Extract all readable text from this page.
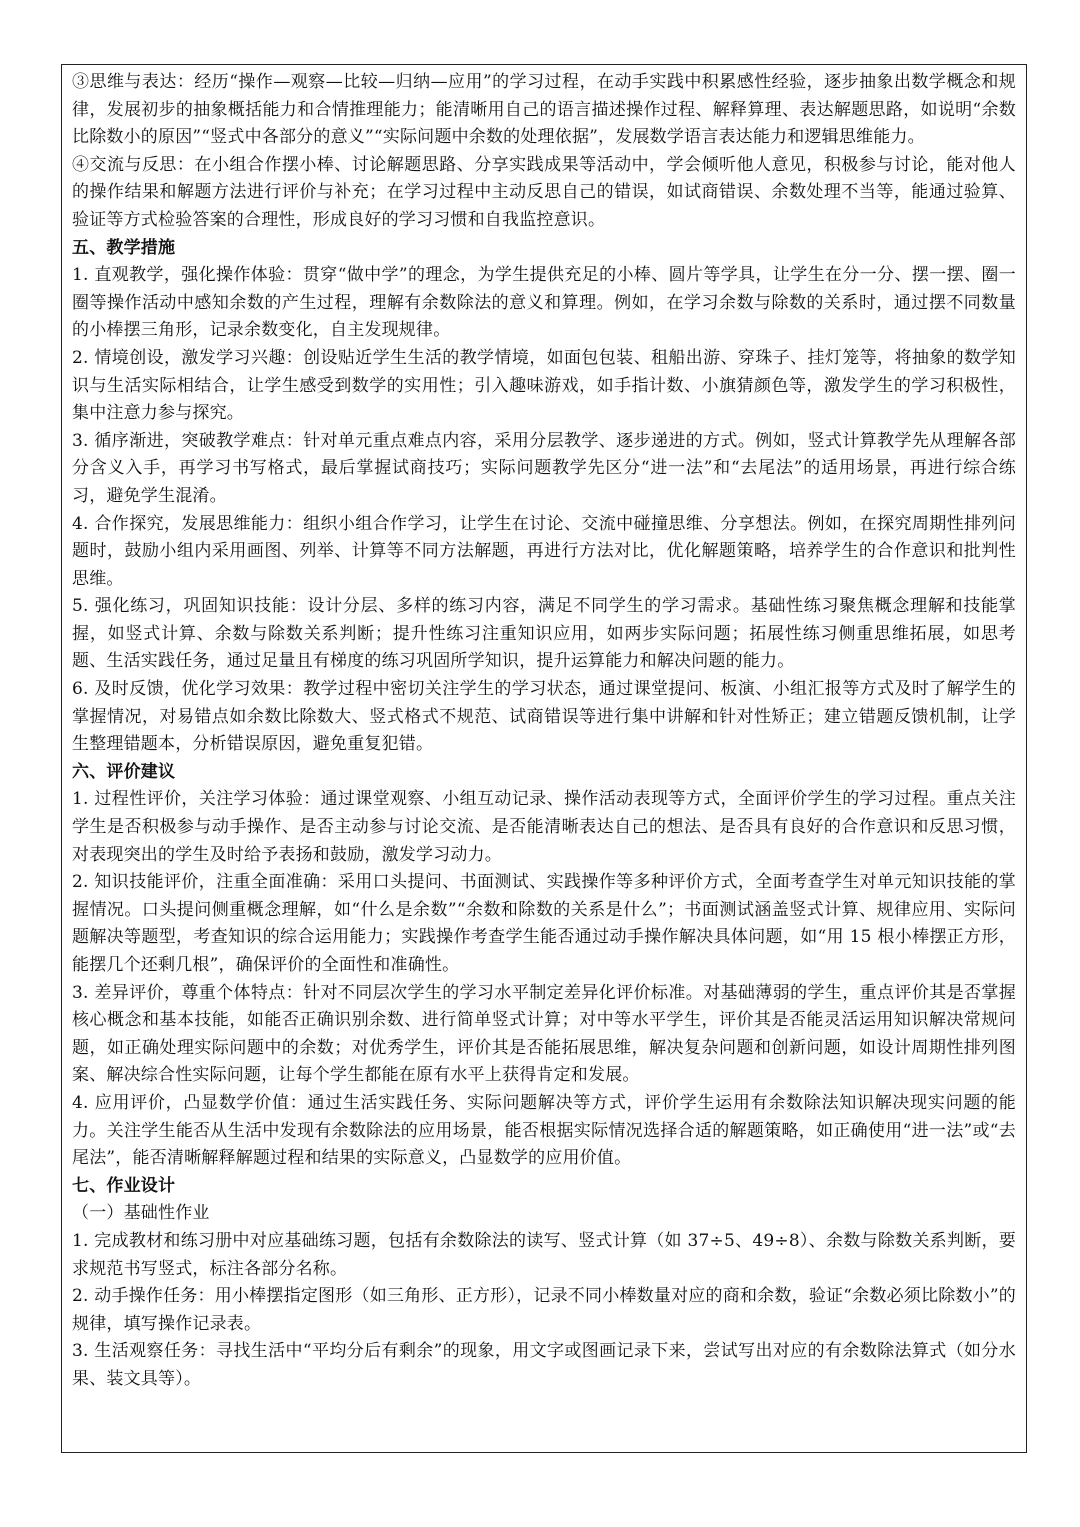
③思维与表达：经历“操作—观察—比较—归纳—应用”的学习过程，在动手实践中积累感性经验，逐步抽象出数学概念和规律，发展初步的抽象概括能力和合情推理能力；能清晰用自己的语言描述操作过程、解释算理、表达解题思路，如说明“余数比除数小的原因”“竖式中各部分的意义”“实际问题中余数的处理依据”，发展数学语言表达能力和逻辑思维能力。

④交流与反思：在小组合作摆小棒、讨论解题思路、分享实践成果等活动中，学会倾听他人意见，积极参与讨论，能对他人的操作结果和解题方法进行评价与补充；在学习过程中主动反思自己的错误，如试商错误、余数处理不当等，能通过验算、验证等方式检验答案的合理性，形成良好的学习习惯和自我监控意识。

五、教学措施

1. 直观教学，强化操作体验：贯穿“做中学”的理念，为学生提供充足的小棒、圆片等学具，让学生在分一分、摆一摆、圈一圈等操作活动中感知余数的产生过程，理解有余数除法的意义和算理。例如，在学习余数与除数的关系时，通过摆不同数量的小棒摆三角形，记录余数变化，自主发现规律。

2. 情境创设，激发学习兴趣：创设贴近学生生活的教学情境，如面包包装、租船出游、穿珠子、挂灯笼等，将抽象的数学知识与生活实际相结合，让学生感受到数学的实用性；引入趣味游戏，如手指计数、小旗猜颜色等，激发学生的学习积极性，集中注意力参与探究。

3. 循序渐进，突破教学难点：针对单元重点难点内容，采用分层教学、逐步递进的方式。例如，竖式计算教学先从理解各部分含义入手，再学习书写格式，最后掌握试商技巧；实际问题教学先区分“进一法”和“去尾法”的适用场景，再进行综合练习，避免学生混淆。

4. 合作探究，发展思维能力：组织小组合作学习，让学生在讨论、交流中碰撞思维、分享想法。例如，在探究周期性排列问题时，鼓励小组内采用画图、列举、计算等不同方法解题，再进行方法对比，优化解题策略，培养学生的合作意识和批判性思维。

5. 强化练习，巩固知识技能：设计分层、多样的练习内容，满足不同学生的学习需求。基础性练习聚焦概念理解和技能掌握，如竖式计算、余数与除数关系判断；提升性练习注重知识应用，如两步实际问题；拓展性练习侧重思维拓展，如思考题、生活实践任务，通过足量且有梯度的练习巩固所学知识，提升运算能力和解决问题的能力。

6. 及时反馈，优化学习效果：教学过程中密切关注学生的学习状态，通过课堂提问、板演、小组汇报等方式及时了解学生的掌握情况，对易错点如余数比除数大、竖式格式不规范、试商错误等进行集中讲解和针对性矫正；建立错题反馈机制，让学生整理错题本，分析错误原因，避免重复犯错。

六、评价建议

1. 过程性评价，关注学习体验：通过课堂观察、小组互动记录、操作活动表现等方式，全面评价学生的学习过程。重点关注学生是否积极参与动手操作、是否主动参与讨论交流、是否能清晰表达自己的想法、是否具有良好的合作意识和反思习惯，对表现突出的学生及时给予表扬和鼓励，激发学习动力。

2. 知识技能评价，注重全面准确：采用口头提问、书面测试、实践操作等多种评价方式，全面考查学生对单元知识技能的掌握情况。口头提问侧重概念理解，如“什么是余数”“余数和除数的关系是什么”；书面测试涵盖竖式计算、规律应用、实际问题解决等题型，考查知识的综合运用能力；实践操作考查学生能否通过动手操作解决具体问题，如“用 15 根小棒摆正方形，能摆几个还剩几根”，确保评价的全面性和准确性。

3. 差异评价，尊重个体特点：针对不同层次学生的学习水平制定差异化评价标准。对基础薄弱的学生，重点评价其是否掌握核心概念和基本技能，如能否正确识别余数、进行简单竖式计算；对中等水平学生，评价其是否能灵活运用知识解决常规问题，如正确处理实际问题中的余数；对优秀学生，评价其是否能拓展思维，解决复杂问题和创新问题，如设计周期性排列图案、解决综合性实际问题，让每个学生都能在原有水平上获得肯定和发展。

4. 应用评价，凸显数学价值：通过生活实践任务、实际问题解决等方式，评价学生运用有余数除法知识解决现实问题的能力。关注学生能否从生活中发现有余数除法的应用场景，能否根据实际情况选择合适的解题策略，如正确使用“进一法”或“去尾法”，能否清晰解释解题过程和结果的实际意义，凸显数学的应用价值。

七、作业设计

（一）基础性作业

1. 完成教材和练习册中对应基础练习题，包括有余数除法的读写、竖式计算（如 37÷5、49÷8）、余数与除数关系判断，要求规范书写竖式，标注各部分名称。

2. 动手操作任务：用小棒摆指定图形（如三角形、正方形），记录不同小棒数量对应的商和余数，验证“余数必须比除数小”的规律，填写操作记录表。

3. 生活观察任务：寻找生活中“平均分后有剩余”的现象，用文字或图画记录下来，尝试写出对应的有余数除法算式（如分水果、装文具等）。
